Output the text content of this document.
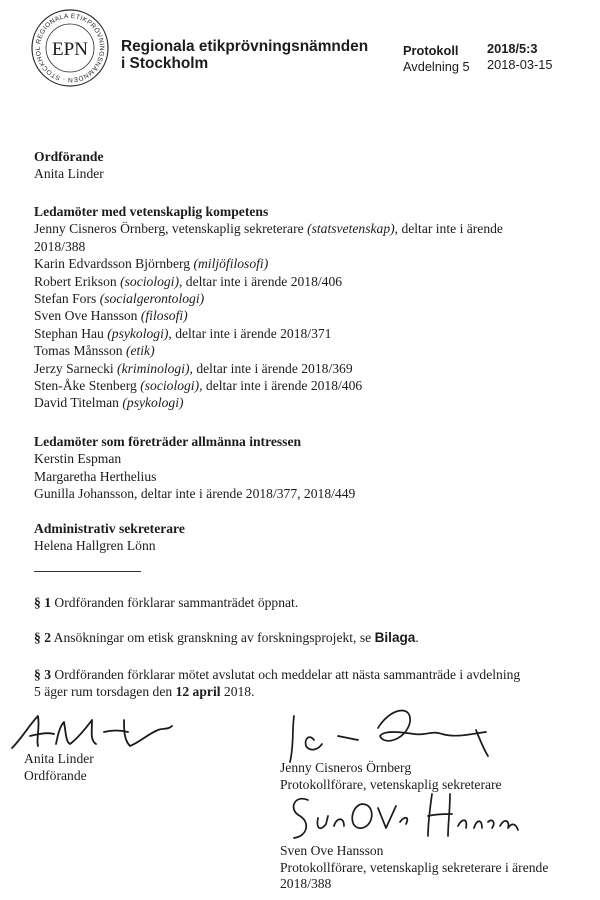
REGIONALA ETIKPRÖVNINGSNÄMNDEN · STOCKHOL EPN Regionala etikprövningsnämnden
i Stockholm
Protokoll
Avdelning 5
2018/5:3
2018-03-15
Ordförande
Anita Linder
Ledamöter med vetenskaplig kompetens
Jenny Cisneros Örnberg, vetenskaplig sekreterare (statsvetenskap), deltar inte i ärende
2018/388
Karin Edvardsson Björnberg (miljöfilosofi)
Robert Erikson (sociologi), deltar inte i ärende 2018/406
Stefan Fors (socialgerontologi)
Sven Ove Hansson (filosofi)
Stephan Hau (psykologi), deltar inte i ärende 2018/371
Tomas Månsson (etik)
Jerzy Sarnecki (kriminologi), deltar inte i ärende 2018/369
Sten-Åke Stenberg (sociologi), deltar inte i ärende 2018/406
David Titelman (psykologi)
Ledamöter som företräder allmänna intressen
Kerstin Espman
Margaretha Herthelius
Gunilla Johansson, deltar inte i ärende 2018/377, 2018/449
Administrativ sekreterare
Helena Hallgren Lönn
§ 1 Ordföranden förklarar sammanträdet öppnat.
§ 2 Ansökningar om etisk granskning av forskningsprojekt, se Bilaga.
§ 3 Ordföranden förklarar mötet avslutat och meddelar att nästa sammanträde i avdelning
5 äger rum torsdagen den 12 april 2018.
Anita Linder
Ordförande
Jenny Cisneros Örnberg
Protokollförare, vetenskaplig sekreterare
Sven Ove Hansson
Protokollförare, vetenskaplig sekreterare i ärende
2018/388
